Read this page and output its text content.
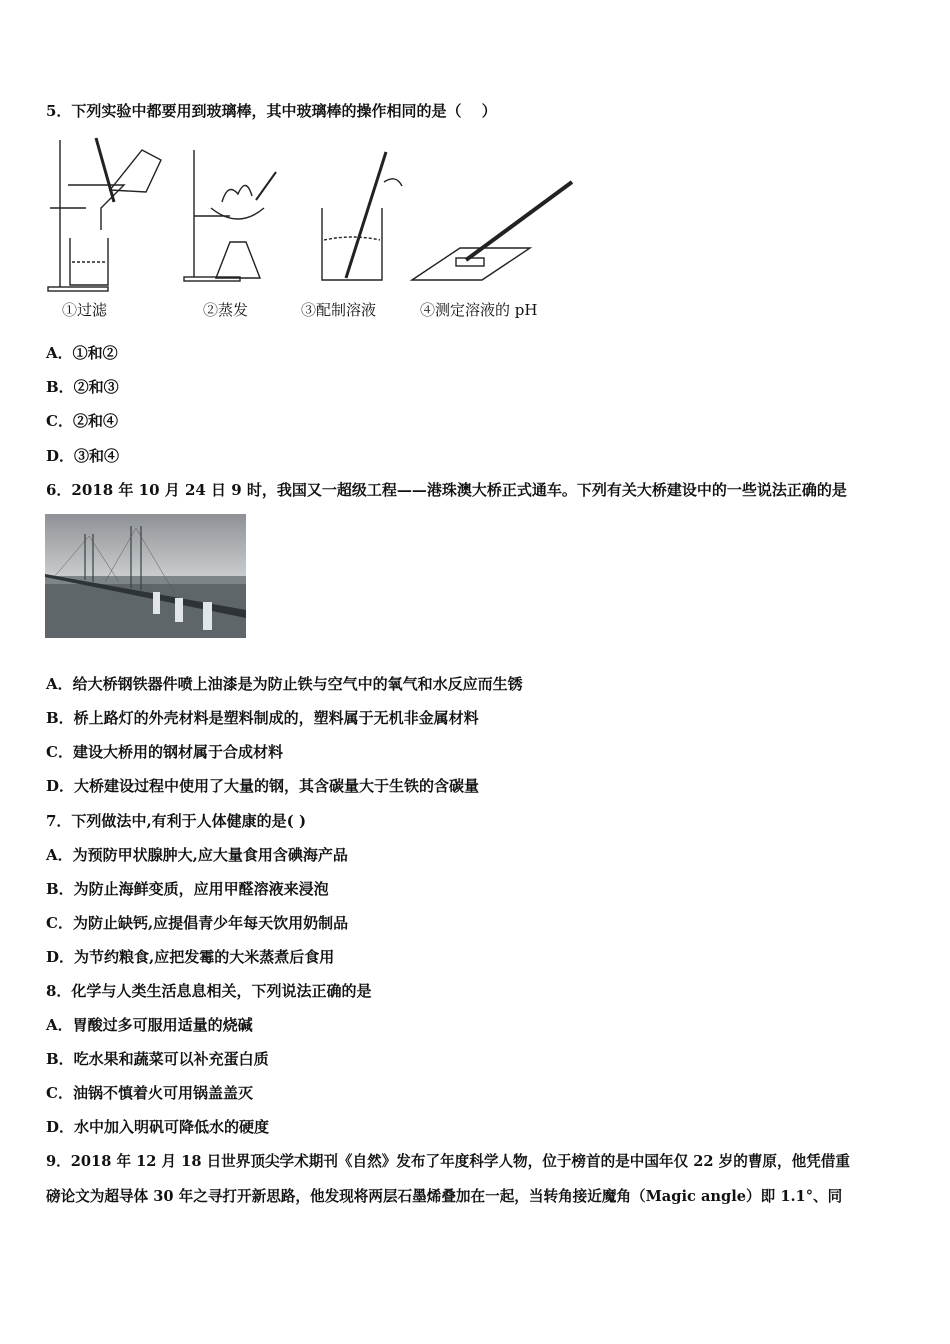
5．下列实验中都要用到玻璃棒，其中玻璃棒的操作相同的是（　 ）
①过滤	②蒸发	③配制溶液	④测定溶液的 pH
A．①和②
B．②和③
C．②和④
D．③和④
6．2018 年 10 月 24 日 9 时，我国又一超级工程——港珠澳大桥正式通车。下列有关大桥建设中的一些说法正确的是
A．给大桥钢铁器件喷上油漆是为防止铁与空气中的氧气和水反应而生锈
B．桥上路灯的外壳材料是塑料制成的，塑料属于无机非金属材料
C．建设大桥用的钢材属于合成材料
D．大桥建设过程中使用了大量的钢，其含碳量大于生铁的含碳量
7．下列做法中,有利于人体健康的是( )
A．为预防甲状腺肿大,应大量食用含碘海产品
B．为防止海鲜变质，应用甲醛溶液来浸泡
C．为防止缺钙,应提倡青少年每天饮用奶制品
D．为节约粮食,应把发霉的大米蒸煮后食用
8．化学与人类生活息息相关，下列说法正确的是
A．胃酸过多可服用适量的烧碱
B．吃水果和蔬菜可以补充蛋白质
C．油锅不慎着火可用锅盖盖灭
D．水中加入明矾可降低水的硬度
9．2018 年 12 月 18 日世界顶尖学术期刊《自然》发布了年度科学人物，位于榜首的是中国年仅 22 岁的曹原，他凭借重
磅论文为超导体 30 年之寻打开新思路，他发现将两层石墨烯叠加在一起，当转角接近魔角（Magic angle）即 1.1°、同
